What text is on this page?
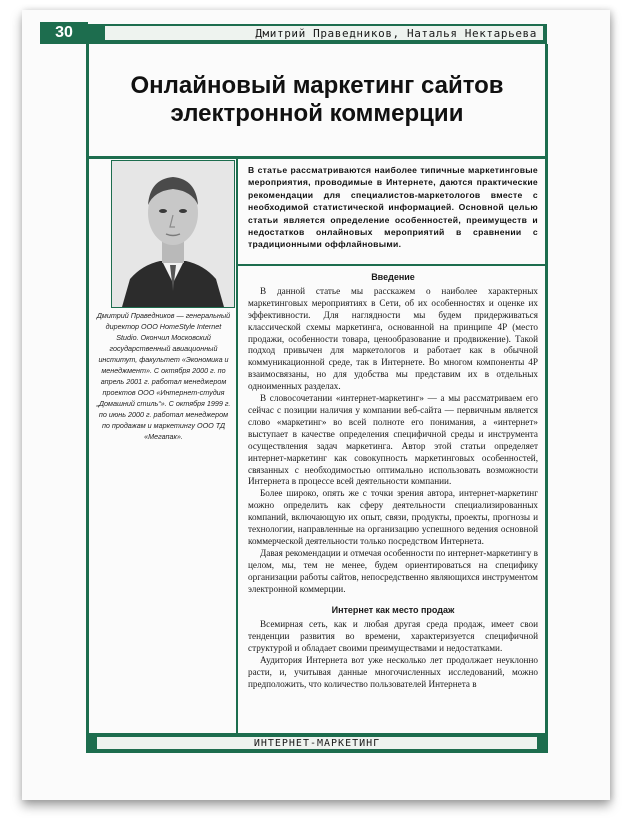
30	Дмитрий Праведников, Наталья Нектарьева
Онлайновый маркетинг сайтов
электронной коммерции
Дмитрий Праведников — генеральный директор ООО HomeStyle Internet Studio. Окончил Московский государственный авиационный институт, факультет «Экономика и менеджмент». С октября 2000 г. по апрель 2001 г. работал менеджером проектов ООО «Интернет-студия „Домашний стиль“». С октября 1999 г. по июнь 2000 г. работал менеджером по продажам и маркетингу ООО ТД «Мегапак».
В статье рассматриваются наиболее типичные маркетинговые мероприятия, проводимые в Интернете, даются практические рекомендации для специалистов-маркетологов вместе с необходимой статистической информацией. Основной целью статьи является определение особенностей, преимуществ и недостатков онлайновых мероприятий в сравнении с традиционными оффлайновыми.
Введение

В данной статье мы расскажем о наиболее характерных маркетинговых мероприятиях в Сети, об их особенностях и оценке их эффективности. Для наглядности мы будем придерживаться классической схемы маркетинга, основанной на принципе 4P (место продажи, особенности товара, ценообразование и продвижение). Такой подход привычен для маркетологов и работает как в обычной коммуникационной среде, так в Интернете. Во многом компоненты 4P взаимосвязаны, но для удобства мы представим их в отдельных одноименных разделах.

В словосочетании «интернет-маркетинг» — а мы рассматриваем его сейчас с позиции наличия у компании веб-сайта — первичным является слово «маркетинг» во всей полноте его понимания, а «интернет» выступает в качестве определения специфичной среды и инструмента осуществления задач маркетинга. Автор этой статьи определяет интернет-маркетинг как совокупность маркетинговых особенностей, связанных с необходимостью оптимально использовать возможности Интернета в процессе всей деятельности компании.

Более широко, опять же с точки зрения автора, интернет-маркетинг можно определить как сферу деятельности специализированных компаний, включающую их опыт, связи, продукты, проекты, прогнозы и технологии, направленные на организацию успешного ведения основной коммерческой деятельности только посредством Интернета.

Давая рекомендации и отмечая особенности по интернет-маркетингу в целом, мы, тем не менее, будем ориентироваться на специфику организации работы сайтов, непосредственно являющихся инструментом электронной коммерции.

Интернет как место продаж

Всемирная сеть, как и любая другая среда продаж, имеет свои тенденции развития во времени, характеризуется специфичной структурой и обладает своими преимуществами и недостатками.

Аудитория Интернета вот уже несколько лет продолжает неуклонно расти, и, учитывая данные многочисленных исследований, можно предположить, что количество пользователей Интернета в

ИНТЕРНЕТ-МАРКЕТИНГ
